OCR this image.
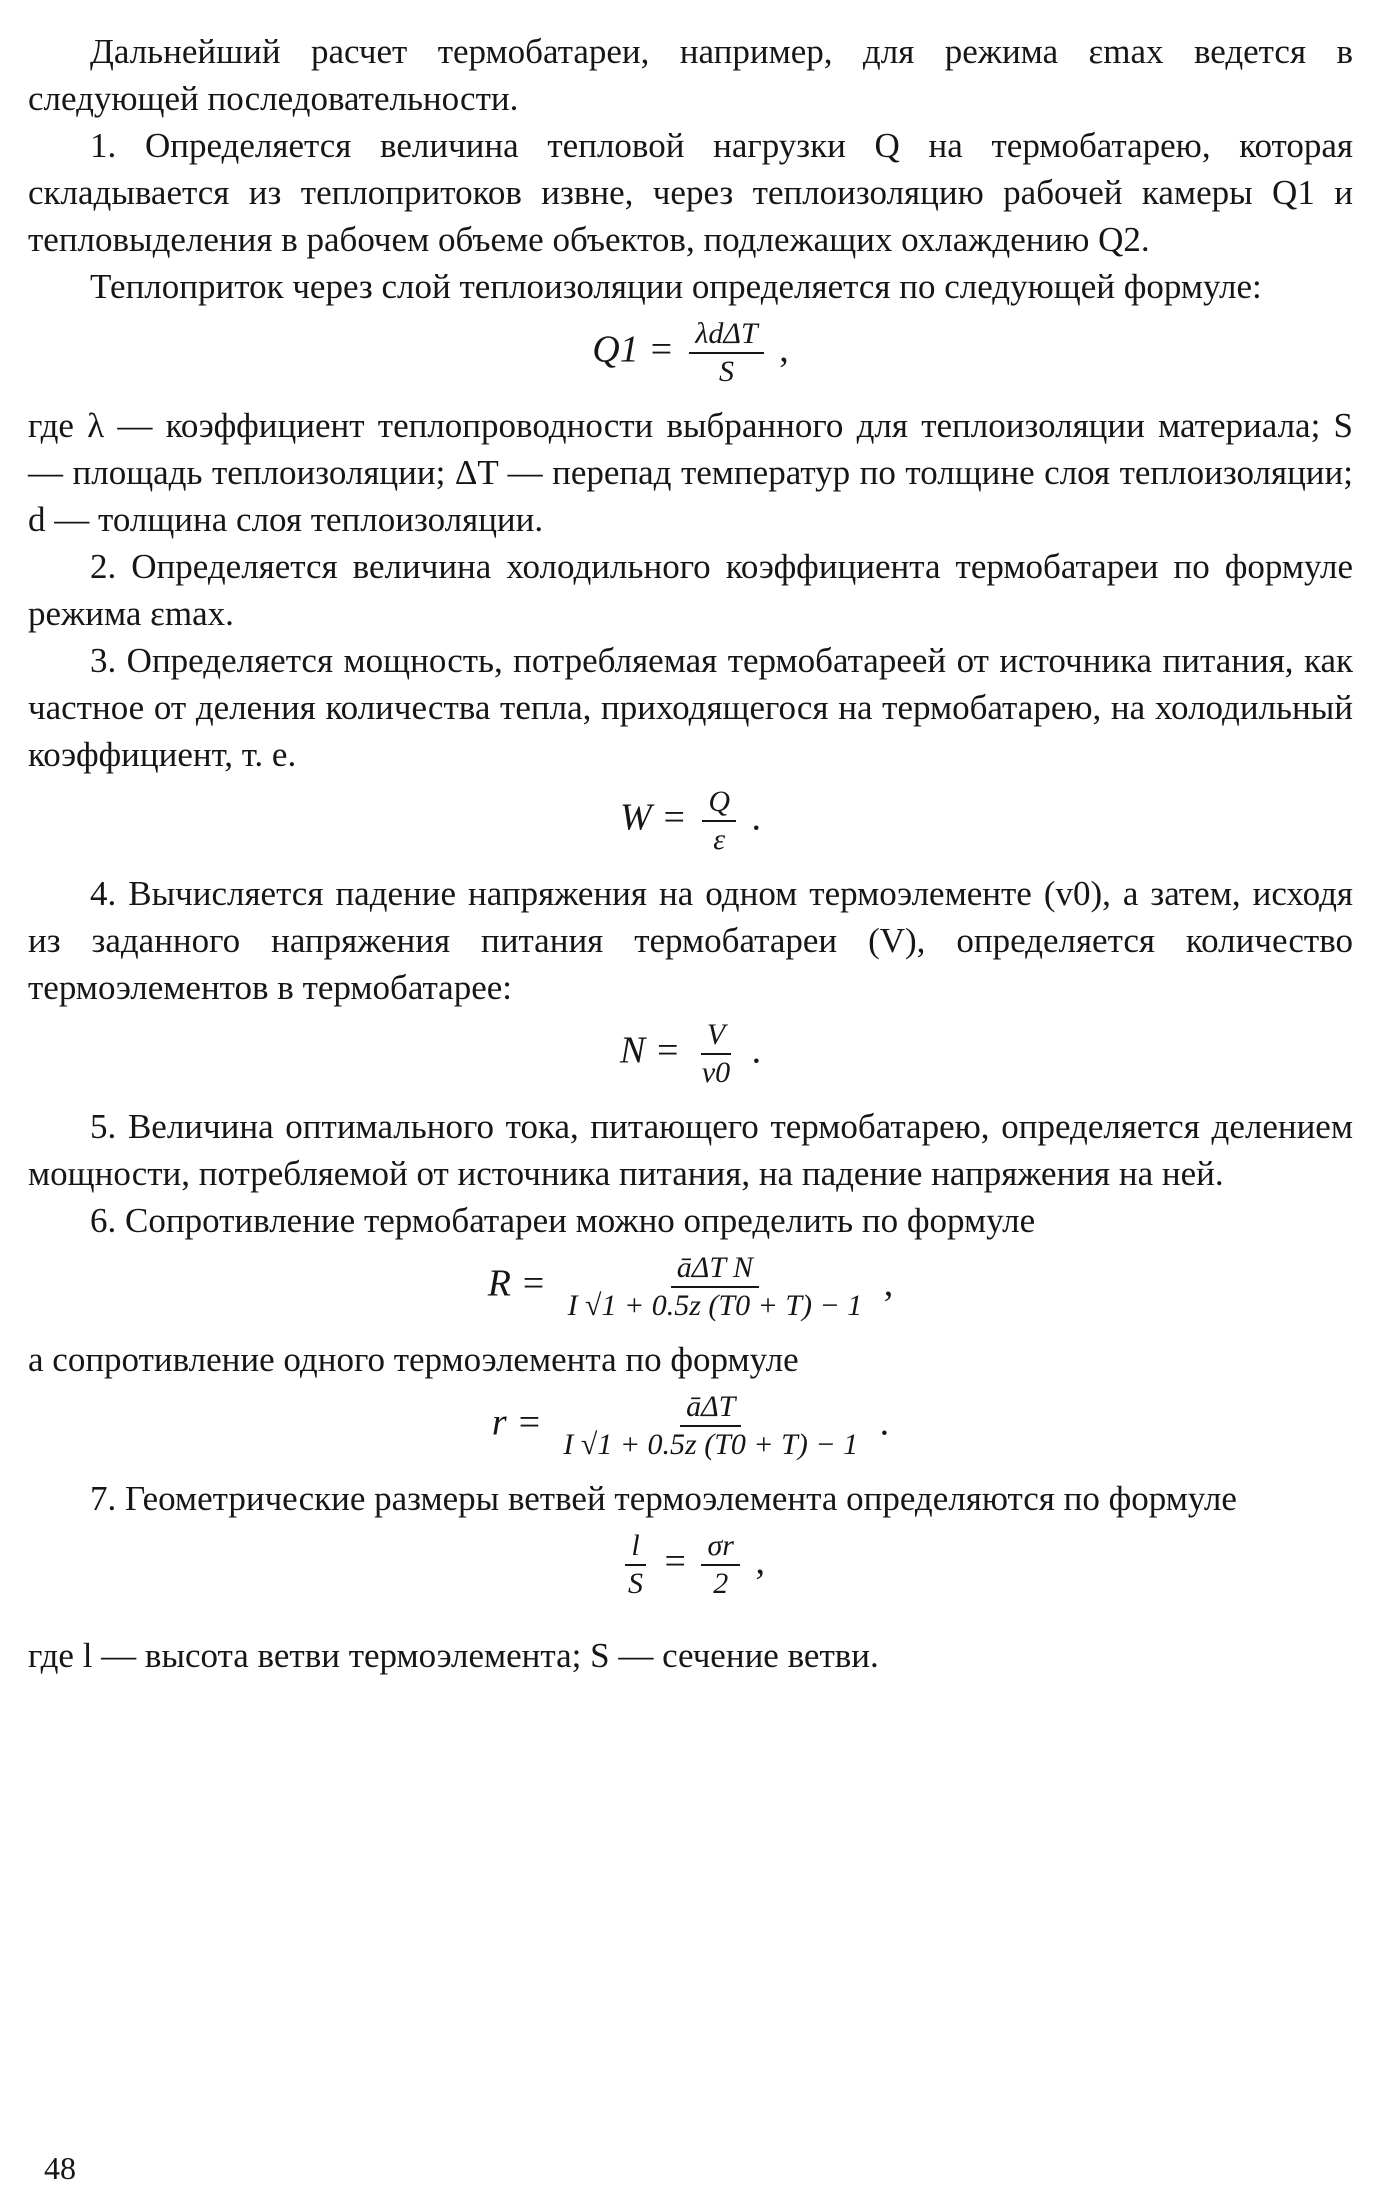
Дальнейший расчет термобатареи, например, для режима εmax ведется в следующей последовательности.

1. Определяется величина тепловой нагрузки Q на термобатарею, которая складывается из теплопритоков извне, через теплоизоляцию рабочей камеры Q1 и тепловыделения в рабочем объеме объектов, подлежащих охлаждению Q2.

Теплоприток через слой теплоизоляции определяется по следующей формуле:

$Q1 = \frac{\text{λdΔT}}{S}$ ,

где λ — коэффициент теплопроводности выбранного для теплоизоляции материала; S — площадь теплоизоляции; ΔT — перепад температур по толщине слоя теплоизоляции; d — толщина слоя теплоизоляции.

2. Определяется величина холодильного коэффициента термобатареи по формуле режима εmax.

3. Определяется мощность, потребляемая термобатареей от источника питания, как частное от деления количества тепла, приходящегося на термобатарею, на холодильный коэффициент, т. е.

$W = \frac{Q}{\varepsilon}$ .

4. Вычисляется падение напряжения на одном термоэлементе (v0), а затем, исходя из заданного напряжения питания термобатареи (V), определяется количество термоэлементов в термобатарее:

$N = \frac{V}{v0}$ .

5. Величина оптимального тока, питающего термобатарею, определяется делением мощности, потребляемой от источника питания, на падение напряжения на ней.

6. Сопротивление термобатареи можно определить по формуле

$R = \frac{\text{āΔT N}}{I √1 + 0.5z (T0 + T) - 1}$ ,

а сопротивление одного термоэлемента по формуле

$r = \frac{\text{āΔT}}{I √1 + 0.5z (T0 + T) - 1}$ .

7. Геометрические размеры ветвей термоэлемента определяются по формуле

$\frac{l}{S} = \frac{\sigma r}{2}$ ,

где l — высота ветви термоэлемента; S — сечение ветви.

48
